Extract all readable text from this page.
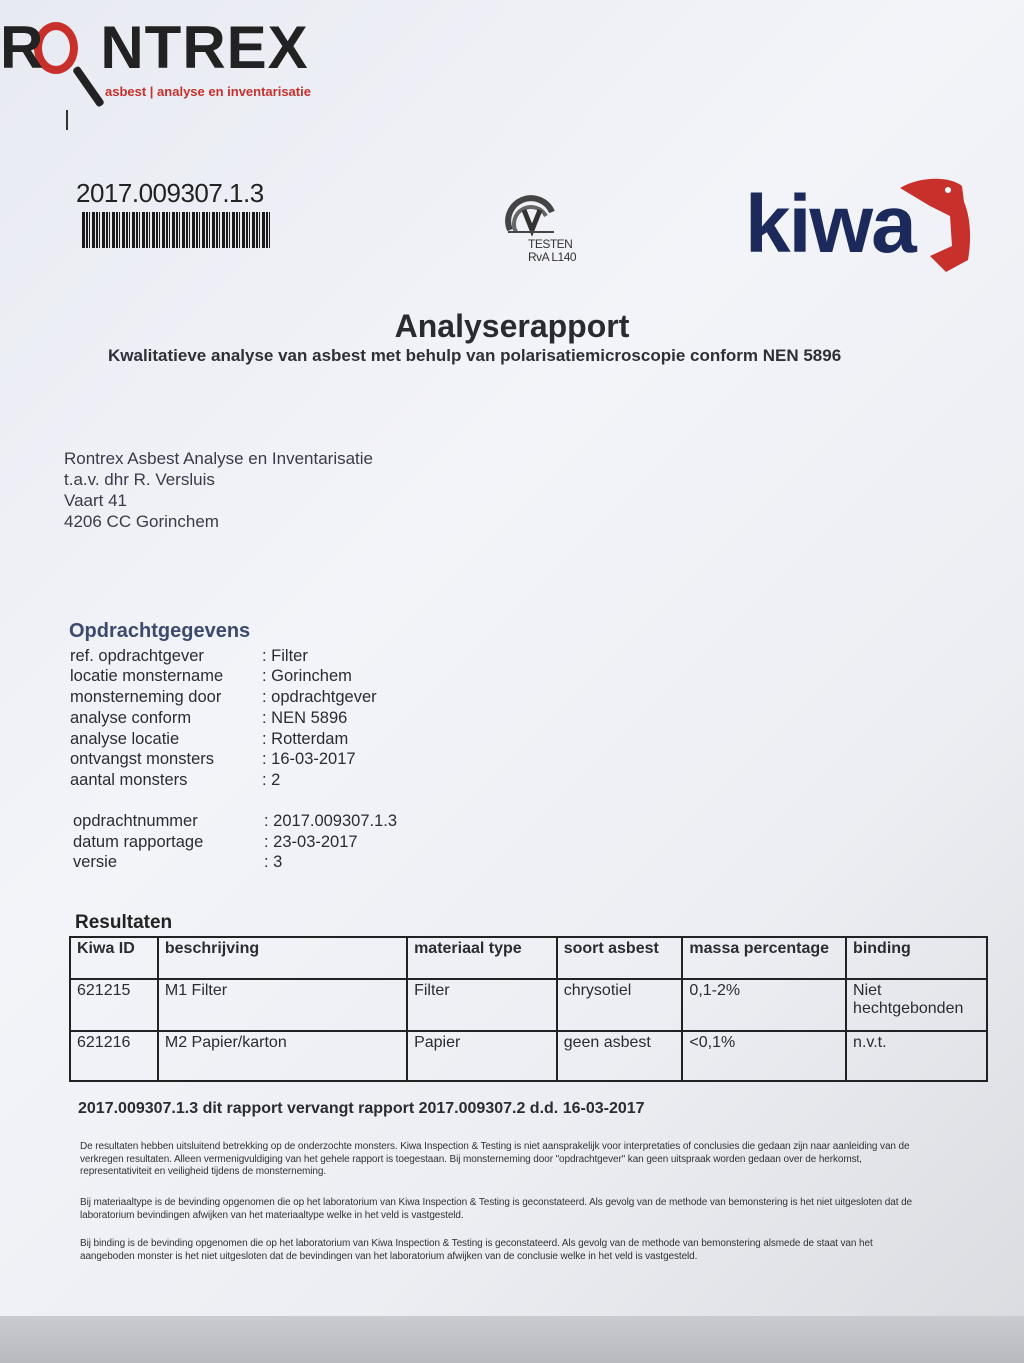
R NTREX
asbest | analyse en inventarisatie
2017.009307.1.3
TESTEN
RvA L140 kiwa
Analyserapport
Kwalitatieve analyse van asbest met behulp van polarisatiemicroscopie conform NEN 5896
Rontrex Asbest Analyse en Inventarisatie
t.a.v. dhr R. Versluis
Vaart 41
4206 CC Gorinchem
Opdrachtgegevens
ref. opdrachtgever	: Filter
locatie monstername	: Gorinchem
monsterneming door	: opdrachtgever
analyse conform	: NEN 5896
analyse locatie	: Rotterdam
ontvangst monsters	: 16-03-2017
aantal monsters	: 2
opdrachtnummer	: 2017.009307.1.3
datum rapportage	: 23-03-2017
versie	: 3
Resultaten
Kiwa ID	beschrijving	materiaal type	soort asbest	massa percentage	binding
621215	M1 Filter	Filter	chrysotiel	0,1-2%	Niet hechtgebonden
621216	M2 Papier/karton	Papier	geen asbest	<0,1%	n.v.t.
2017.009307.1.3 dit rapport vervangt rapport 2017.009307.2 d.d. 16-03-2017
De resultaten hebben uitsluitend betrekking op de onderzochte monsters. Kiwa Inspection & Testing is niet aansprakelijk voor interpretaties of conclusies die gedaan zijn naar aanleiding van de verkregen resultaten. Alleen vermenigvuldiging van het gehele rapport is toegestaan. Bij monsterneming door "opdrachtgever" kan geen uitspraak worden gedaan over de herkomst, representativiteit en veiligheid tijdens de monsterneming.
Bij materiaaltype is de bevinding opgenomen die op het laboratorium van Kiwa Inspection & Testing is geconstateerd. Als gevolg van de methode van bemonstering is het niet uitgesloten dat de laboratorium bevindingen afwijken van het materiaaltype welke in het veld is vastgesteld.
Bij binding is de bevinding opgenomen die op het laboratorium van Kiwa Inspection & Testing is geconstateerd. Als gevolg van de methode van bemonstering alsmede de staat van het aangeboden monster is het niet uitgesloten dat de bevindingen van het laboratorium afwijken van de conclusie welke in het veld is vastgesteld.
